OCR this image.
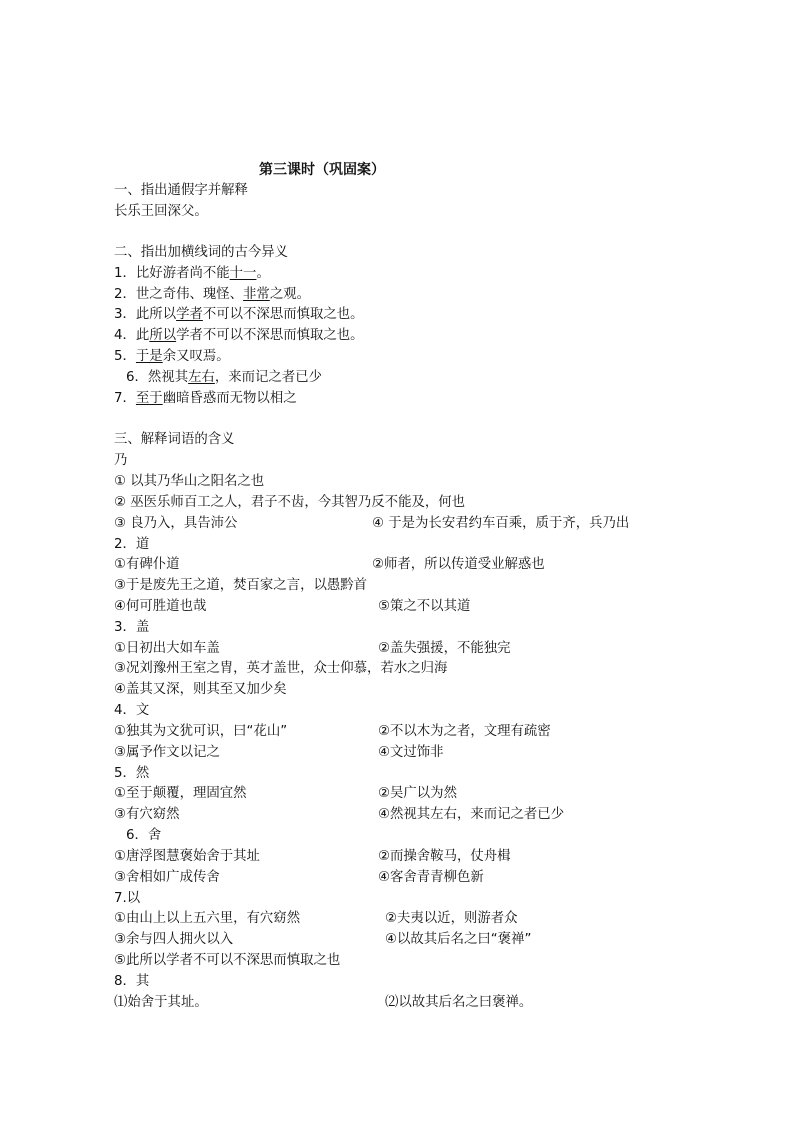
第三课时（巩固案）
一、指出通假字并解释
长乐王回深父。
二、指出加横线词的古今异义
1．比好游者尚不能十一。
2．世之奇伟、瑰怪、非常之观。
3．此所以学者不可以不深思而慎取之也。
4．此所以学者不可以不深思而慎取之也。
5．于是余又叹焉。
6．然视其左右，来而记之者已少
7．至于幽暗昏惑而无物以相之
三、解释词语的含义
乃
① 以其乃华山之阳名之也
② 巫医乐师百工之人，君子不齿，今其智乃反不能及，何也
③ 良乃入，具告沛公	④ 于是为长安君约车百乘，质于齐，兵乃出
2．道
①有碑仆道	②师者，所以传道受业解惑也
③于是废先王之道，焚百家之言，以愚黔首
④何可胜道也哉	⑤策之不以其道
3．盖
①日初出大如车盖	②盖失强援，不能独完
③况刘豫州王室之胄，英才盖世，众士仰慕，若水之归海
④盖其又深，则其至又加少矣
4．文
①独其为文犹可识，曰“花山”	②不以木为之者，文理有疏密
③属予作文以记之	④文过饰非
5．然
①至于颠覆，理固宜然	②吴广以为然
③有穴窈然	④然视其左右，来而记之者已少
6．舍
①唐浮图慧褒始舍于其址	②而操舍鞍马，仗舟楫
③舍相如广成传舍	④客舍青青柳色新
7.以
①由山上以上五六里，有穴窈然	②夫夷以近，则游者众
③余与四人拥火以入	④以故其后名之曰“褒禅”
⑤此所以学者不可以不深思而慎取之也
8．其
⑴始舍于其址。	⑵以故其后名之曰褒禅。
